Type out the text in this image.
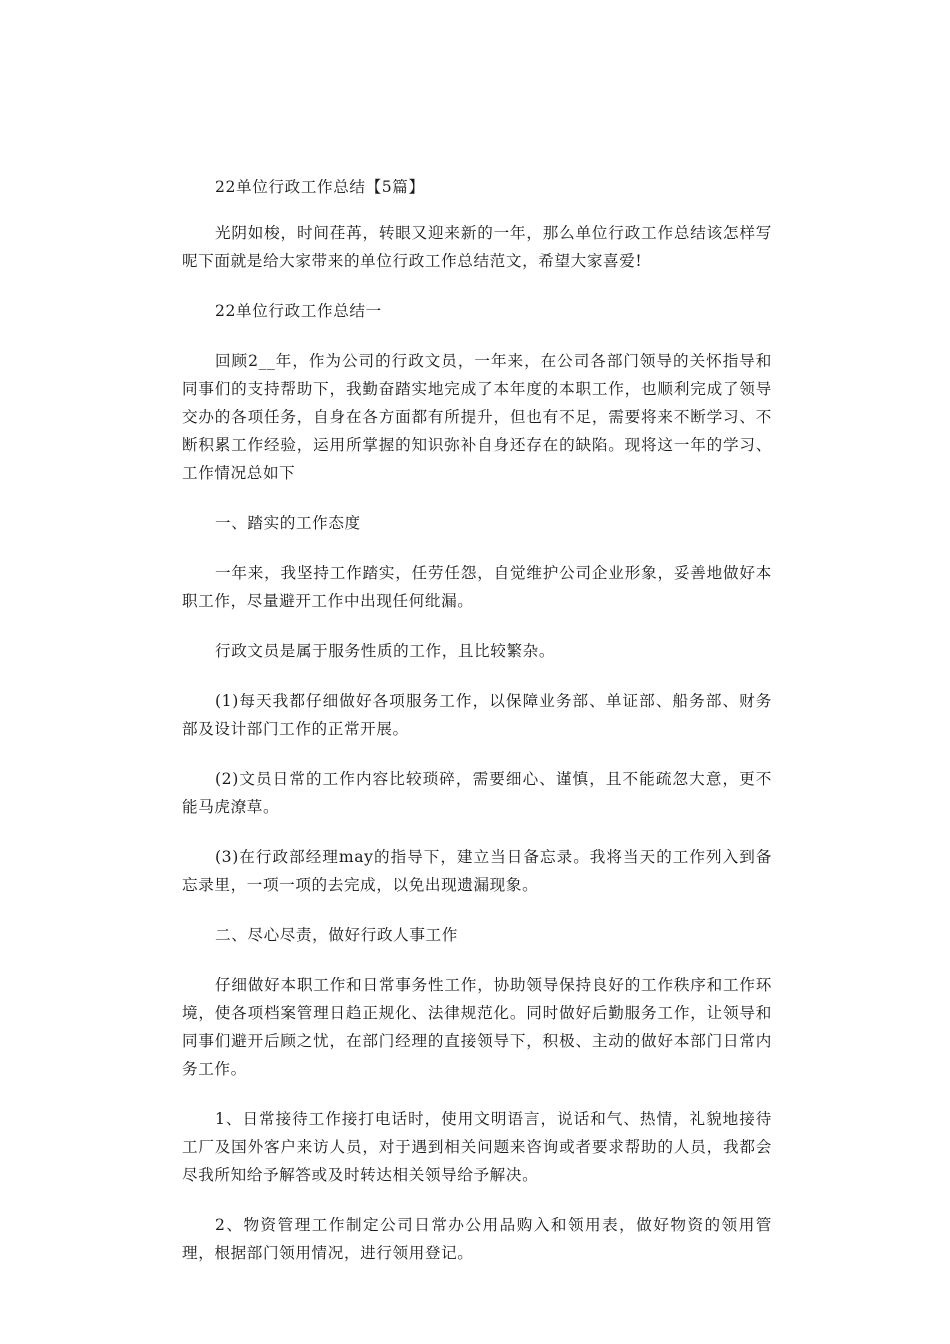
22单位行政工作总结【5篇】

光阴如梭，时间荏苒，转眼又迎来新的一年，那么单位行政工作总结该怎样写呢下面就是给大家带来的单位行政工作总结范文，希望大家喜爱!

22单位行政工作总结一

回顾2__年，作为公司的行政文员，一年来，在公司各部门领导的关怀指导和同事们的支持帮助下，我勤奋踏实地完成了本年度的本职工作，也顺利完成了领导交办的各项任务，自身在各方面都有所提升，但也有不足，需要将来不断学习、不断积累工作经验，运用所掌握的知识弥补自身还存在的缺陷。现将这一年的学习、工作情况总如下

一、踏实的工作态度

一年来，我坚持工作踏实，任劳任怨，自觉维护公司企业形象，妥善地做好本职工作，尽量避开工作中出现任何纰漏。

行政文员是属于服务性质的工作，且比较繁杂。

(1)每天我都仔细做好各项服务工作，以保障业务部、单证部、船务部、财务部及设计部门工作的正常开展。

(2)文员日常的工作内容比较琐碎，需要细心、谨慎，且不能疏忽大意，更不能马虎潦草。

(3)在行政部经理may的指导下，建立当日备忘录。我将当天的工作列入到备忘录里，一项一项的去完成，以免出现遗漏现象。

二、尽心尽责，做好行政人事工作

仔细做好本职工作和日常事务性工作，协助领导保持良好的工作秩序和工作环境，使各项档案管理日趋正规化、法律规范化。同时做好后勤服务工作，让领导和同事们避开后顾之忧，在部门经理的直接领导下，积极、主动的做好本部门日常内务工作。

1、日常接待工作接打电话时，使用文明语言，说话和气、热情，礼貌地接待工厂及国外客户来访人员，对于遇到相关问题来咨询或者要求帮助的人员，我都会尽我所知给予解答或及时转达相关领导给予解决。

2、物资管理工作制定公司日常办公用品购入和领用表，做好物资的领用管理，根据部门领用情况，进行领用登记。
